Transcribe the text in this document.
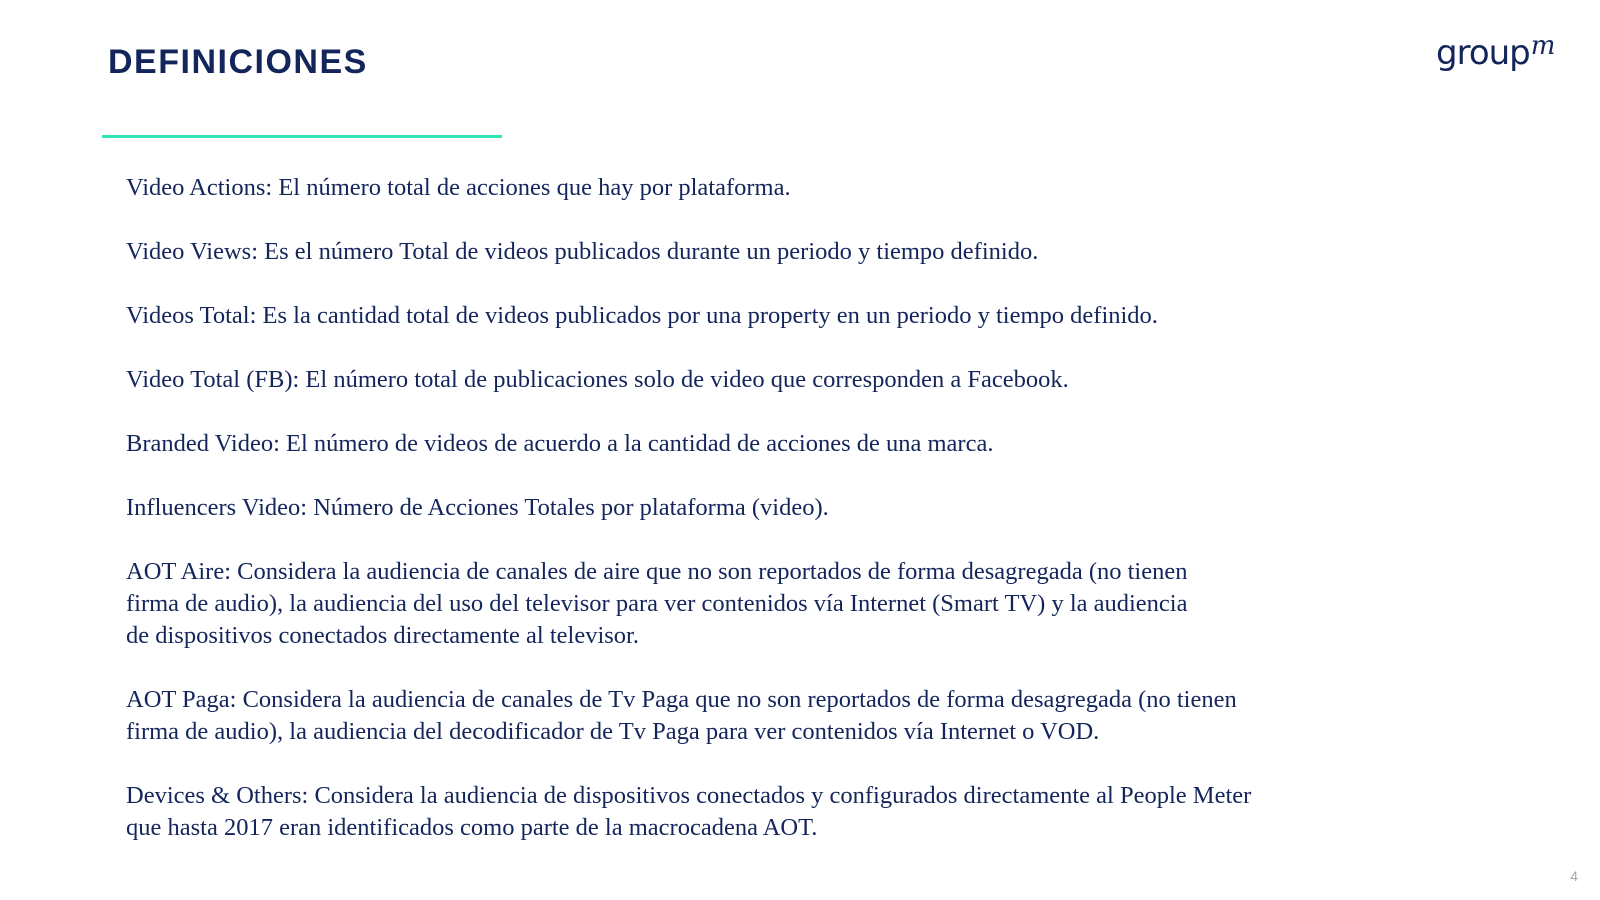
DEFINICIONES	group$^m$
Video Actions: El número total de acciones que hay por plataforma.
Video Views: Es el número Total de videos publicados durante un periodo y tiempo definido.
Videos Total: Es la cantidad total de videos publicados por una property en un periodo y tiempo definido.
Video Total (FB): El número total de publicaciones solo de video que corresponden a Facebook.
Branded Video: El número de videos de acuerdo a la cantidad de acciones de una marca.
Influencers Video: Número de Acciones Totales por plataforma (video).
AOT Aire: Considera la audiencia de canales de aire que no son reportados de forma desagregada (no tienen
firma de audio), la audiencia del uso del televisor para ver contenidos vía Internet (Smart TV) y la audiencia
de dispositivos conectados directamente al televisor.
AOT Paga: Considera la audiencia de canales de Tv Paga que no son reportados de forma desagregada (no tienen
firma de audio), la audiencia del decodificador de Tv Paga para ver contenidos vía Internet o VOD.
Devices & Others: Considera la audiencia de dispositivos conectados y configurados directamente al People Meter
que hasta 2017 eran identificados como parte de la macrocadena AOT.
4
